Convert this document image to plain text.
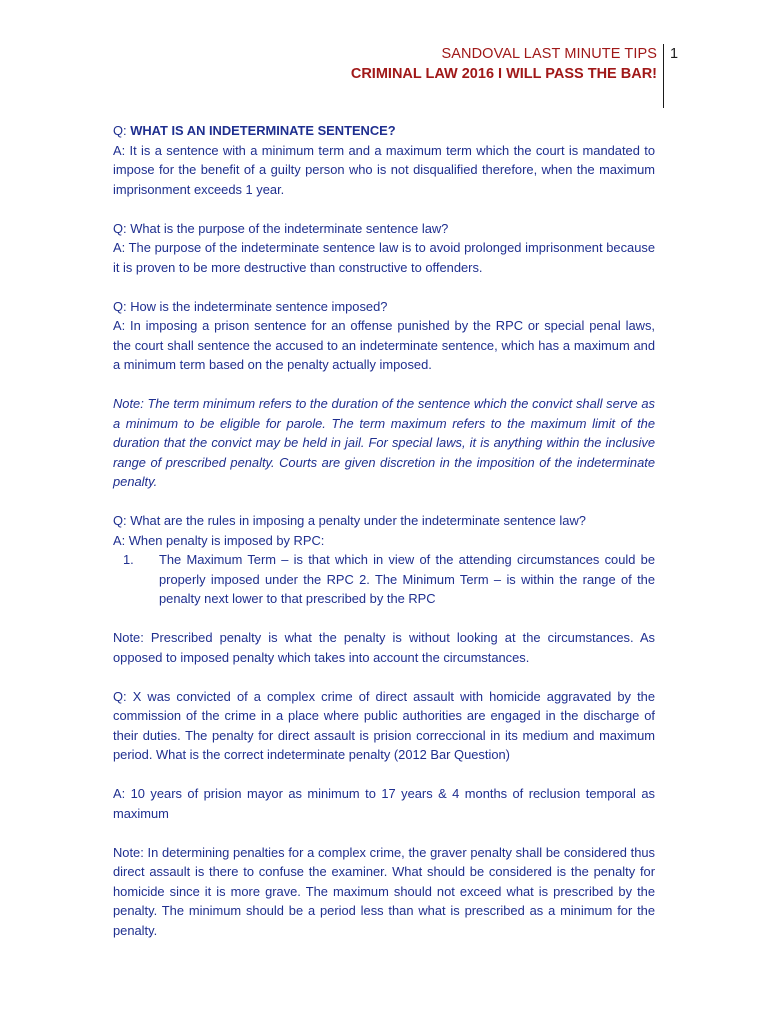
SANDOVAL LAST MINUTE TIPS
CRIMINAL LAW 2016 I WILL PASS THE BAR!
1
Q: WHAT IS AN INDETERMINATE SENTENCE?

A: It is a sentence with a minimum term and a maximum term which the court is mandated to impose for the benefit of a guilty person who is not disqualified therefore, when the maximum imprisonment exceeds 1 year.

Q: What is the purpose of the indeterminate sentence law?

A: The purpose of the indeterminate sentence law is to avoid prolonged imprisonment because it is proven to be more destructive than constructive to offenders.

Q: How is the indeterminate sentence imposed?

A: In imposing a prison sentence for an offense punished by the RPC or special penal laws, the court shall sentence the accused to an indeterminate sentence, which has a maximum and a minimum term based on the penalty actually imposed.

Note: The term minimum refers to the duration of the sentence which the convict shall serve as a minimum to be eligible for parole. The term maximum refers to the maximum limit of the duration that the convict may be held in jail. For special laws, it is anything within the inclusive range of prescribed penalty. Courts are given discretion in the imposition of the indeterminate penalty.

Q: What are the rules in imposing a penalty under the indeterminate sentence law?
A: When penalty is imposed by RPC:
1.	The Maximum Term – is that which in view of the attending circumstances could be properly imposed under the RPC 2. The Minimum Term – is within the range of the penalty next lower to that prescribed by the RPC

Note: Prescribed penalty is what the penalty is without looking at the circumstances. As opposed to imposed penalty which takes into account the circumstances.

Q: X was convicted of a complex crime of direct assault with homicide aggravated by the commission of the crime in a place where public authorities are engaged in the discharge of their duties. The penalty for direct assault is prision correccional in its medium and maximum period. What is the correct indeterminate penalty (2012 Bar Question)

A: 10 years of prision mayor as minimum to 17 years & 4 months of reclusion temporal as maximum

Note: In determining penalties for a complex crime, the graver penalty shall be considered thus direct assault is there to confuse the examiner. What should be considered is the penalty for homicide since it is more grave. The maximum should not exceed what is prescribed by the penalty. The minimum should be a period less than what is prescribed as a minimum for the penalty.
